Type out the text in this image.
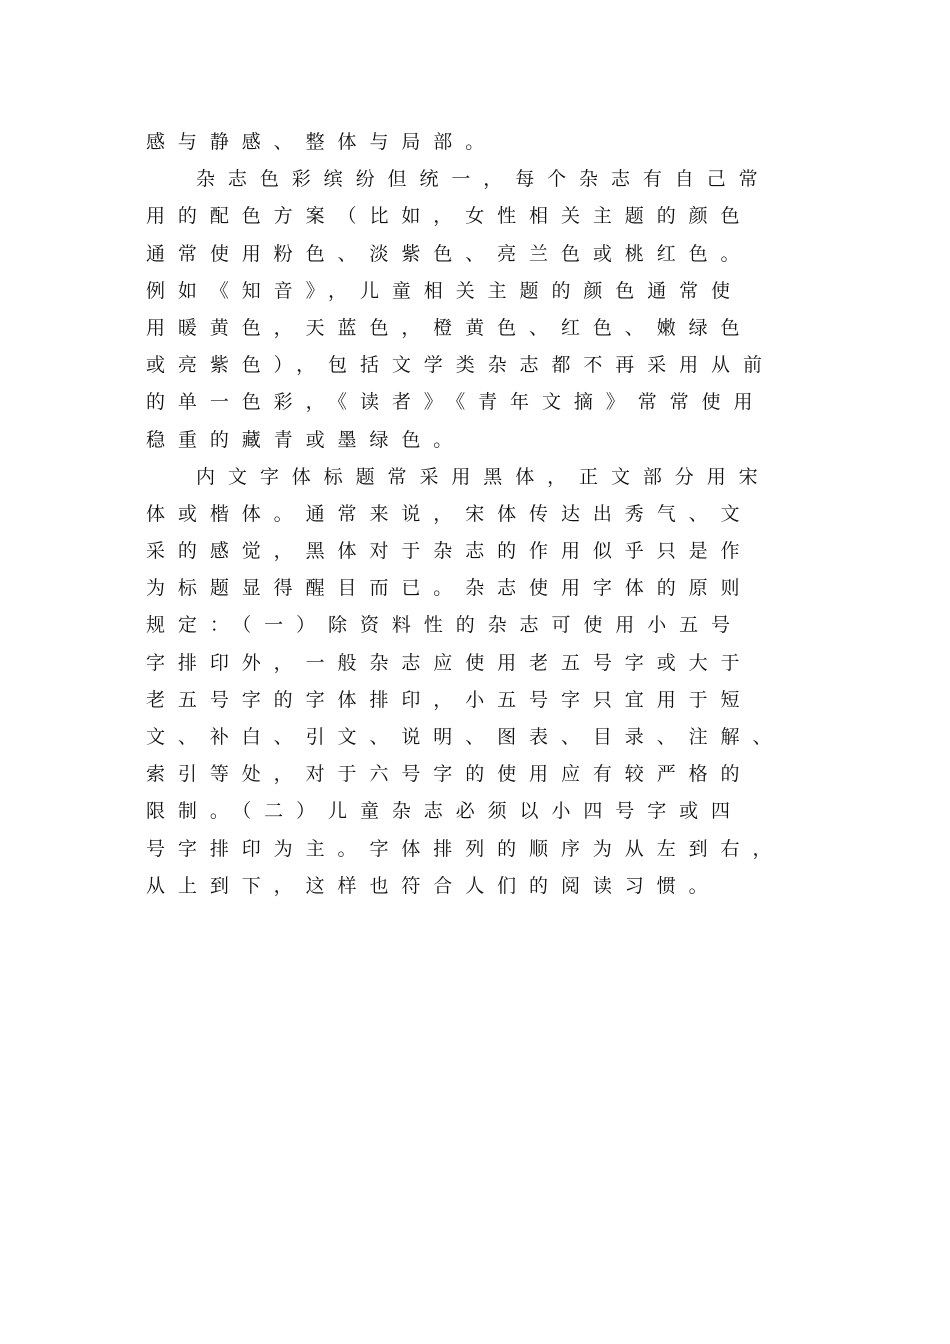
感与静感、整体与局部。
杂志色彩缤纷但统一，每个杂志有自己常
用的配色方案（比如，女性相关主题的颜色
通常使用粉色、淡紫色、亮兰色或桃红色。
例如《知音》，儿童相关主题的颜色通常使
用暖黄色，天蓝色，橙黄色、红色、嫩绿色
或亮紫色），包括文学类杂志都不再采用从前
的单一色彩，《读者》《青年文摘》常常使用
稳重的藏青或墨绿色。
内文字体标题常采用黑体，正文部分用宋
体或楷体。通常来说，宋体传达出秀气、文
采的感觉，黑体对于杂志的作用似乎只是作
为标题显得醒目而已。杂志使用字体的原则
规定：（一）除资料性的杂志可使用小五号
字排印外，一般杂志应使用老五号字或大于
老五号字的字体排印，小五号字只宜用于短
文、补白、引文、说明、图表、目录、注解、
索引等处，对于六号字的使用应有较严格的
限制。（二）儿童杂志必须以小四号字或四
号字排印为主。字体排列的顺序为从左到右，
从上到下，这样也符合人们的阅读习惯。
